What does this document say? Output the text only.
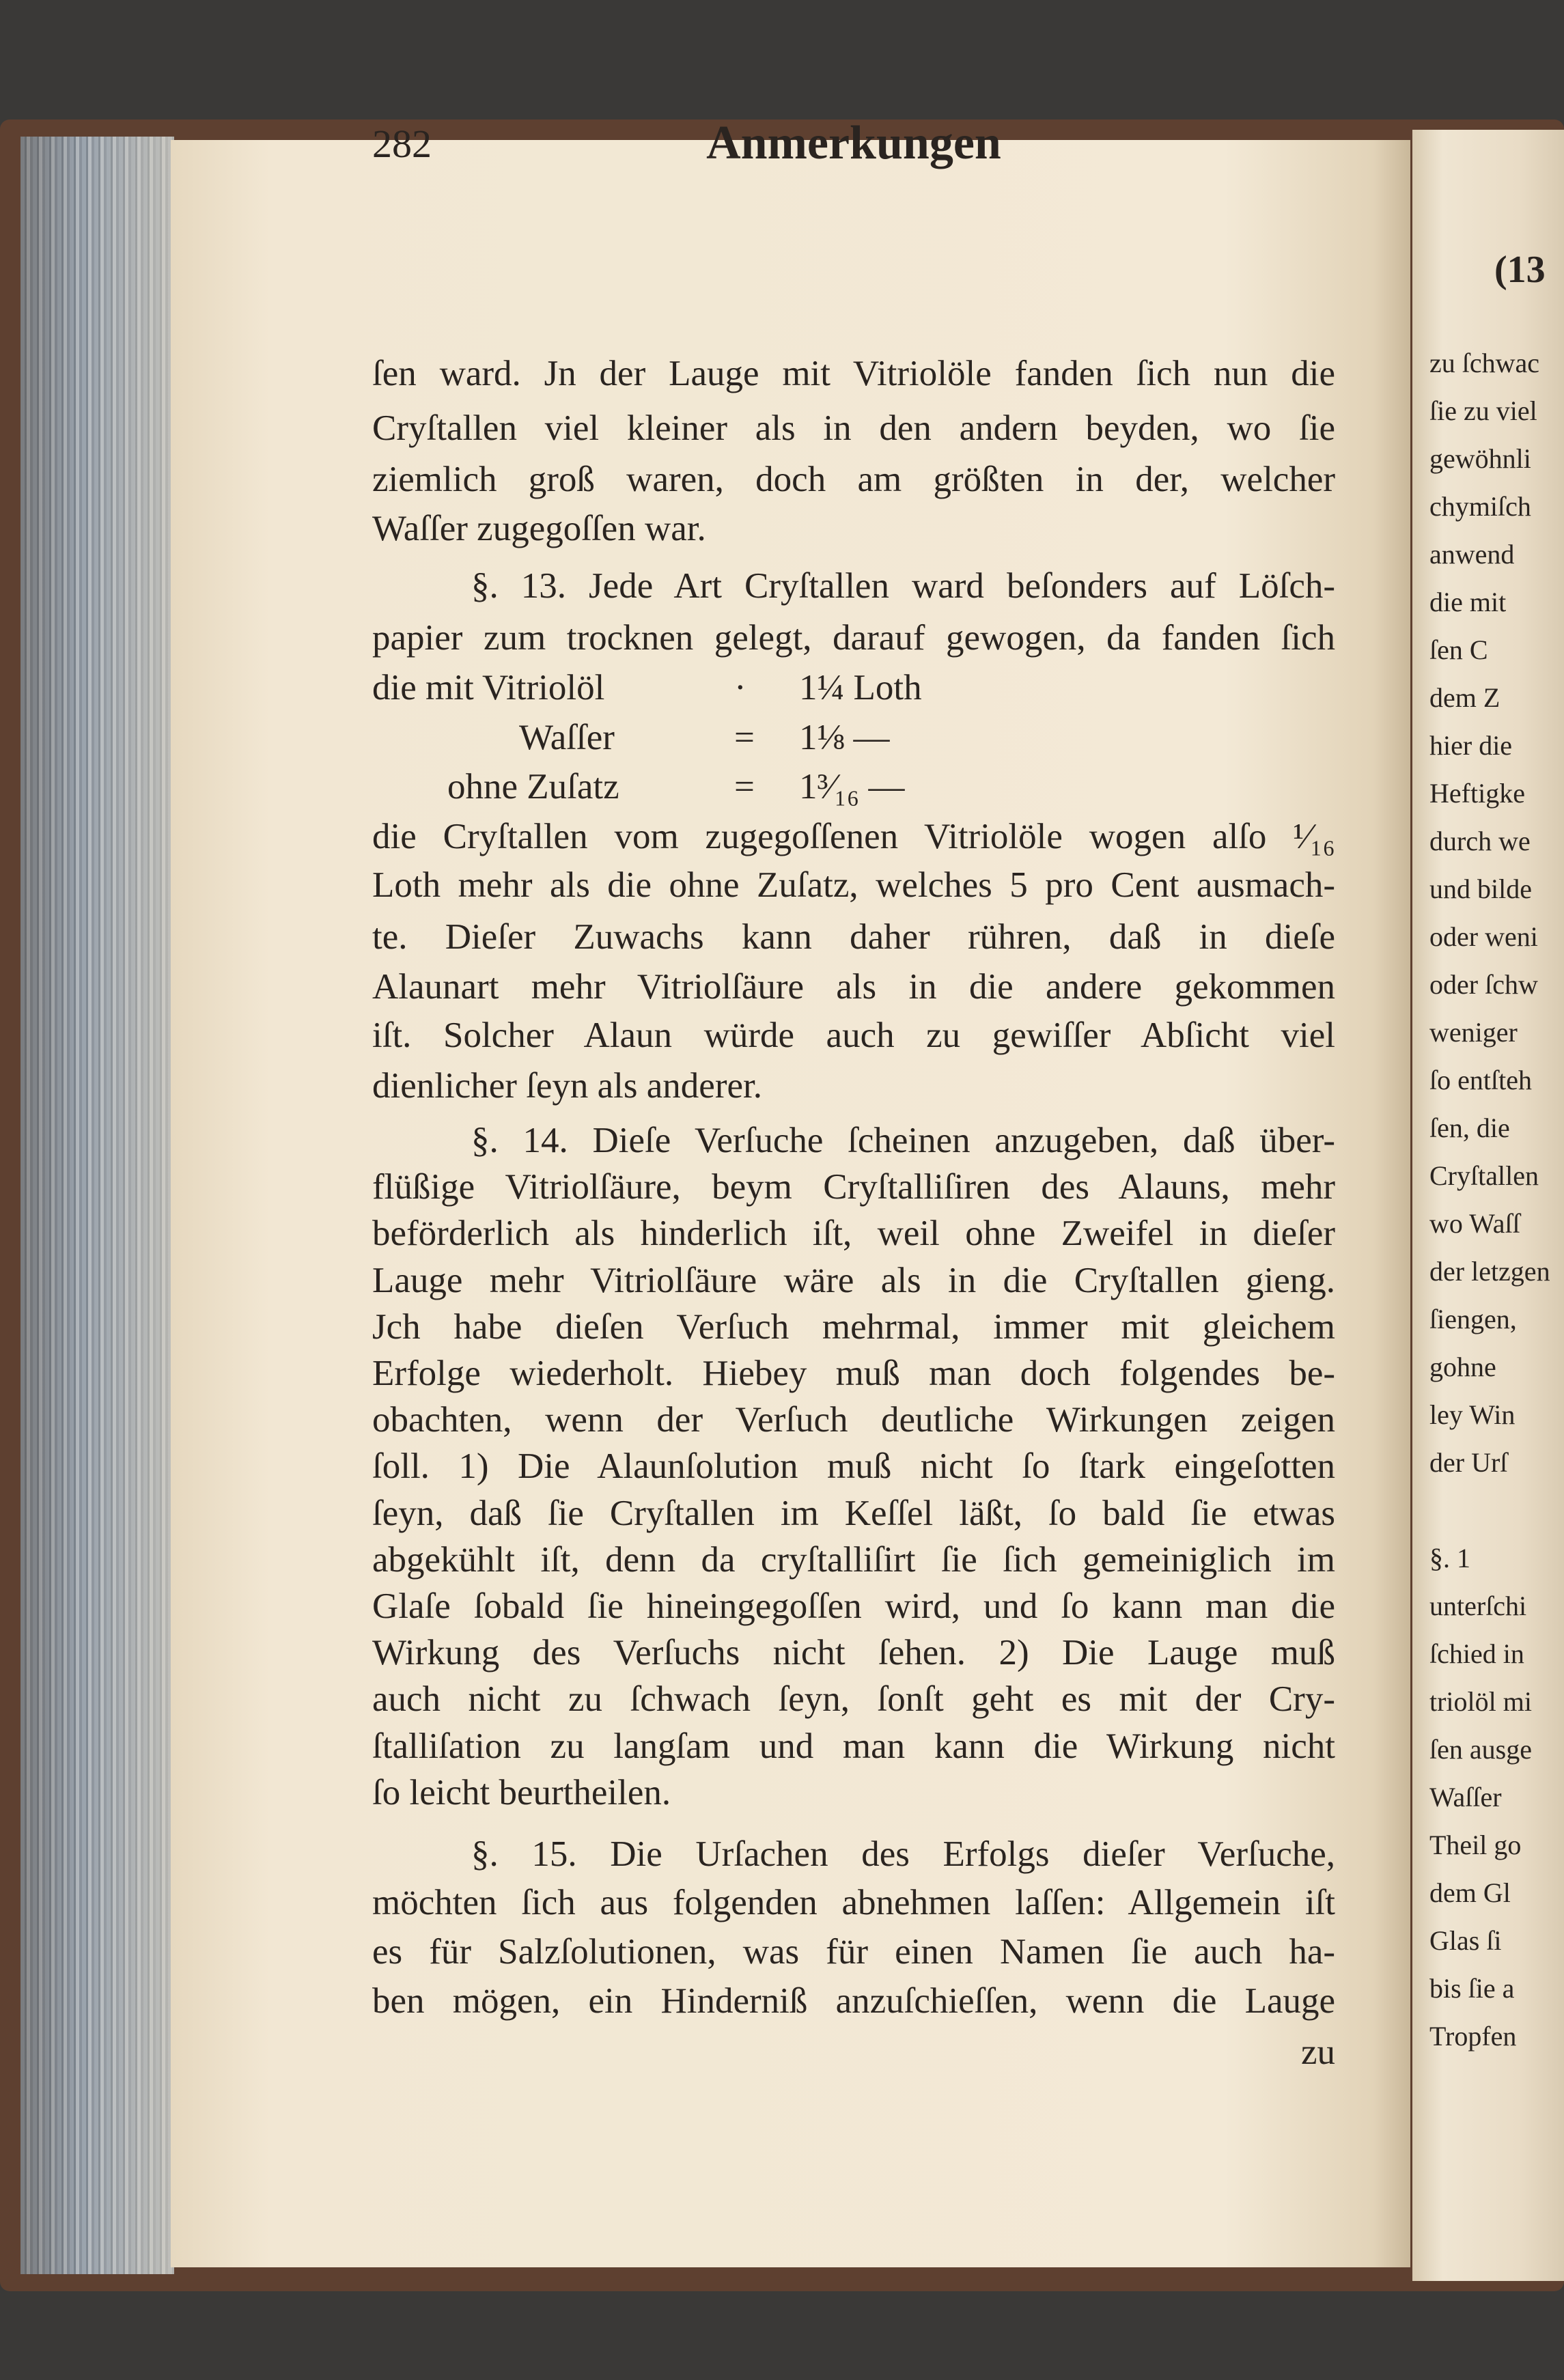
282	Anmerkungen
ſen ward. Jn der Lauge mit Vitriolöle fanden ſich nun die
Cryſtallen viel kleiner als in den andern beyden, wo ſie
ziemlich groß waren, doch am größten in der, welcher
Waſſer zugegoſſen war.
§. 13. Jede Art Cryſtallen ward beſonders auf Löſch-
papier zum trocknen gelegt, darauf gewogen, da fanden ſich
die mit Vitriolöl	· 1¼ Loth
Waſſer	= 1⅛ —
ohne Zuſatz	= 1³⁄₁₆ —
die Cryſtallen vom zugegoſſenen Vitriolöle wogen alſo ¹⁄₁₆
Loth mehr als die ohne Zuſatz, welches 5 pro Cent ausmach-
te. Dieſer Zuwachs kann daher rühren, daß in dieſe
Alaunart mehr Vitriolſäure als in die andere gekommen
iſt. Solcher Alaun würde auch zu gewiſſer Abſicht viel
dienlicher ſeyn als anderer.
§. 14. Dieſe Verſuche ſcheinen anzugeben, daß über-
flüßige Vitriolſäure, beym Cryſtalliſiren des Alauns, mehr
beförderlich als hinderlich iſt, weil ohne Zweifel in dieſer
Lauge mehr Vitriolſäure wäre als in die Cryſtallen gieng.
Jch habe dieſen Verſuch mehrmal, immer mit gleichem
Erfolge wiederholt. Hiebey muß man doch folgendes be-
obachten, wenn der Verſuch deutliche Wirkungen zeigen
ſoll. 1) Die Alaunſolution muß nicht ſo ſtark eingeſotten
ſeyn, daß ſie Cryſtallen im Keſſel läßt, ſo bald ſie etwas
abgekühlt iſt, denn da cryſtalliſirt ſie ſich gemeiniglich im
Glaſe ſobald ſie hineingegoſſen wird, und ſo kann man die
Wirkung des Verſuchs nicht ſehen. 2) Die Lauge muß
auch nicht zu ſchwach ſeyn, ſonſt geht es mit der Cry-
ſtalliſation zu langſam und man kann die Wirkung nicht
ſo leicht beurtheilen.
§. 15. Die Urſachen des Erfolgs dieſer Verſuche,
möchten ſich aus folgenden abnehmen laſſen: Allgemein iſt
es für Salzſolutionen, was für einen Namen ſie auch ha-
ben mögen, ein Hinderniß anzuſchieſſen, wenn die Lauge
zu
(13
zu ſchwac
ſie zu viel
gewöhnli
chymiſch
anwend
die mit
ſen C
dem Z
hier die
Heftigke
durch we
und bilde
oder weni
oder ſchw
weniger
ſo entſteh
ſen, die
Cryſtallen
wo Waſſ
der letzgen
ſiengen,
gohne
ley Win
der Urſ
§. 1
unterſchi
ſchied in
triolöl mi
ſen ausge
Waſſer
Theil go
dem Gl
Glas ſi
bis ſie a
Tropfen
